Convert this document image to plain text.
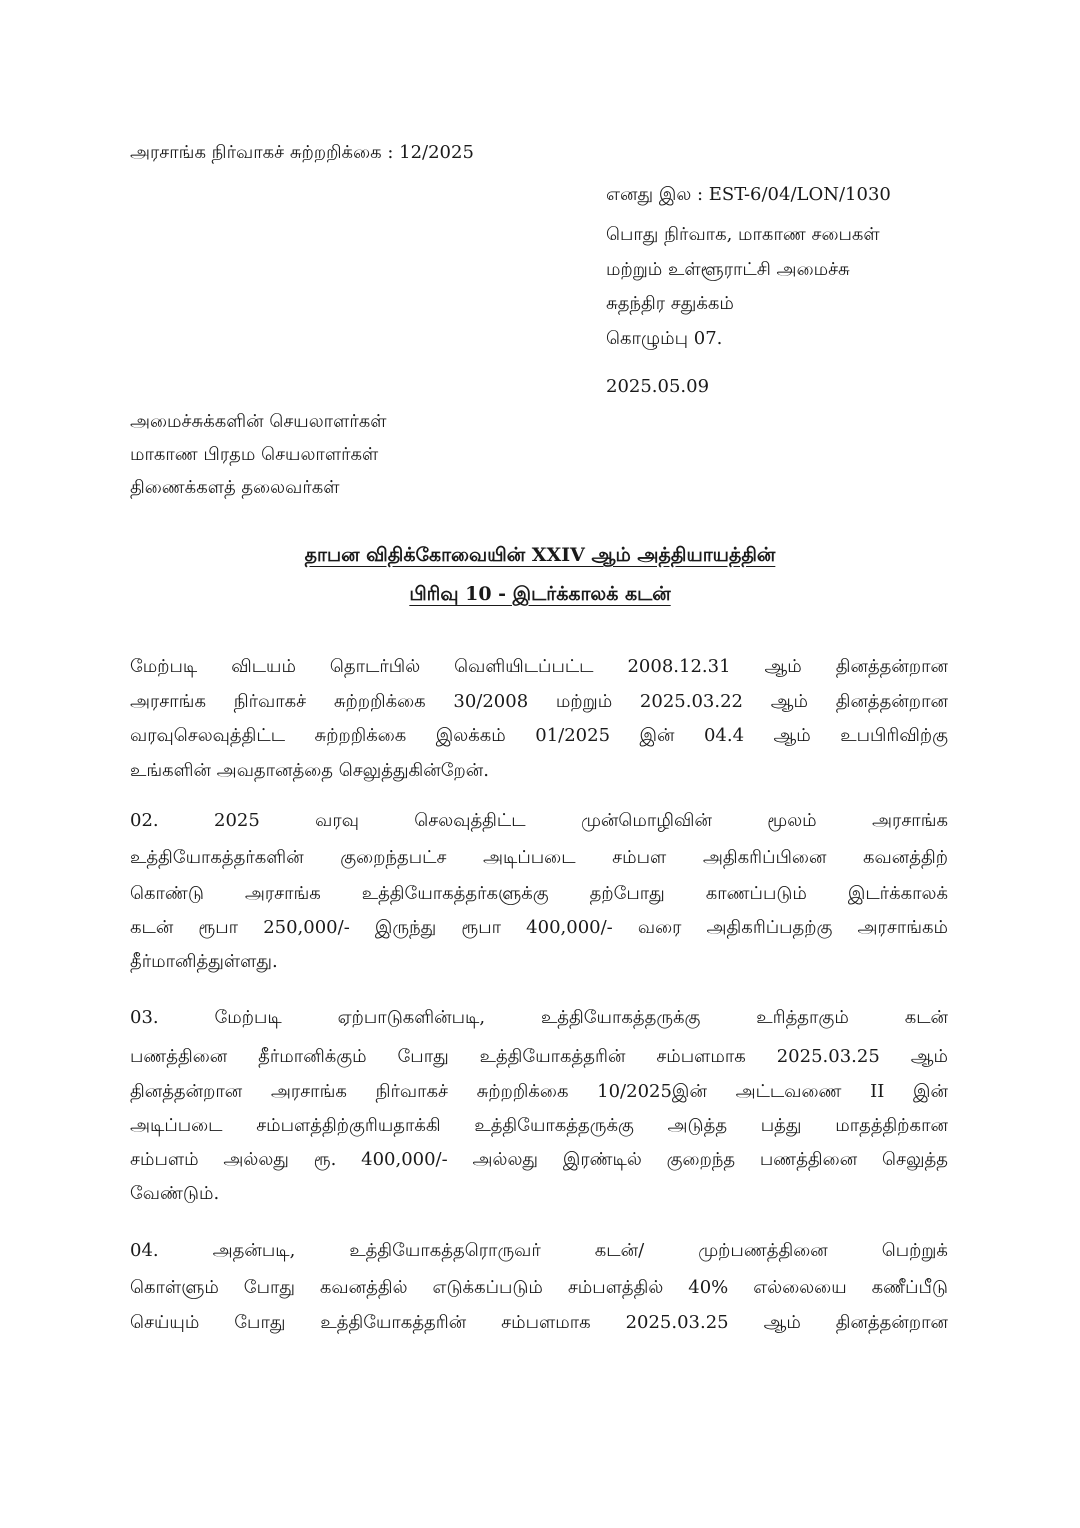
அரசாங்க நிர்வாகச் சுற்றறிக்கை : 12/2025
எனது இல : EST-6/04/LON/1030
பொது நிர்வாக, மாகாண சபைகள்
மற்றும் உள்ளூராட்சி அமைச்சு
சுதந்திர சதுக்கம்
கொழும்பு 07.
2025.05.09
அமைச்சுக்களின் செயலாளர்கள்
மாகாண பிரதம செயலாளர்கள்
திணைக்களத் தலைவர்கள்
தாபன விதிக்கோவையின் XXIV ஆம் அத்தியாயத்தின்
பிரிவு 10 - இடர்க்காலக் கடன்
மேற்படி விடயம் தொடர்பில் வெளியிடப்பட்ட 2008.12.31 ஆம் தினத்தன்றான
அரசாங்க நிர்வாகச் சுற்றறிக்கை 30/2008 மற்றும் 2025.03.22 ஆம் தினத்தன்றான
வரவுசெலவுத்திட்ட சுற்றறிக்கை இலக்கம் 01/2025 இன் 04.4 ஆம் உபபிரிவிற்கு
உங்களின் அவதானத்தை செலுத்துகின்றேன்.
02.	2025	வரவு	செலவுத்திட்ட	முன்மொழிவின்	மூலம்	அரசாங்க
உத்தியோகத்தர்களின் குறைந்தபட்ச அடிப்படை சம்பள அதிகரிப்பினை கவனத்திற்
கொண்டு அரசாங்க உத்தியோகத்தர்களுக்கு தற்போது காணப்படும் இடர்க்காலக்
கடன் ரூபா 250,000/- இருந்து ரூபா 400,000/- வரை அதிகரிப்பதற்கு அரசாங்கம்
தீர்மானித்துள்ளது.
03.	மேற்படி	ஏற்பாடுகளின்படி,	உத்தியோகத்தருக்கு	உரித்தாகும்	கடன்
பணத்தினை தீர்மானிக்கும் போது உத்தியோகத்தரின் சம்பளமாக 2025.03.25 ஆம்
தினத்தன்றான அரசாங்க நிர்வாகச் சுற்றறிக்கை 10/2025இன் அட்டவணை II இன்
அடிப்படை சம்பளத்திற்குரியதாக்கி உத்தியோகத்தருக்கு அடுத்த பத்து மாதத்திற்கான
சம்பளம் அல்லது ரூ. 400,000/- அல்லது இரண்டில் குறைந்த பணத்தினை செலுத்த
வேண்டும்.
04.	அதன்படி,	உத்தியோகத்தரொருவர்	கடன்/	முற்பணத்தினை	பெற்றுக்
கொள்ளும் போது கவனத்தில் எடுக்கப்படும் சம்பளத்தில் 40% எல்லையை கணீப்பீடு
செய்யும் போது உத்தியோகத்தரின் சம்பளமாக 2025.03.25 ஆம் தினத்தன்றான
